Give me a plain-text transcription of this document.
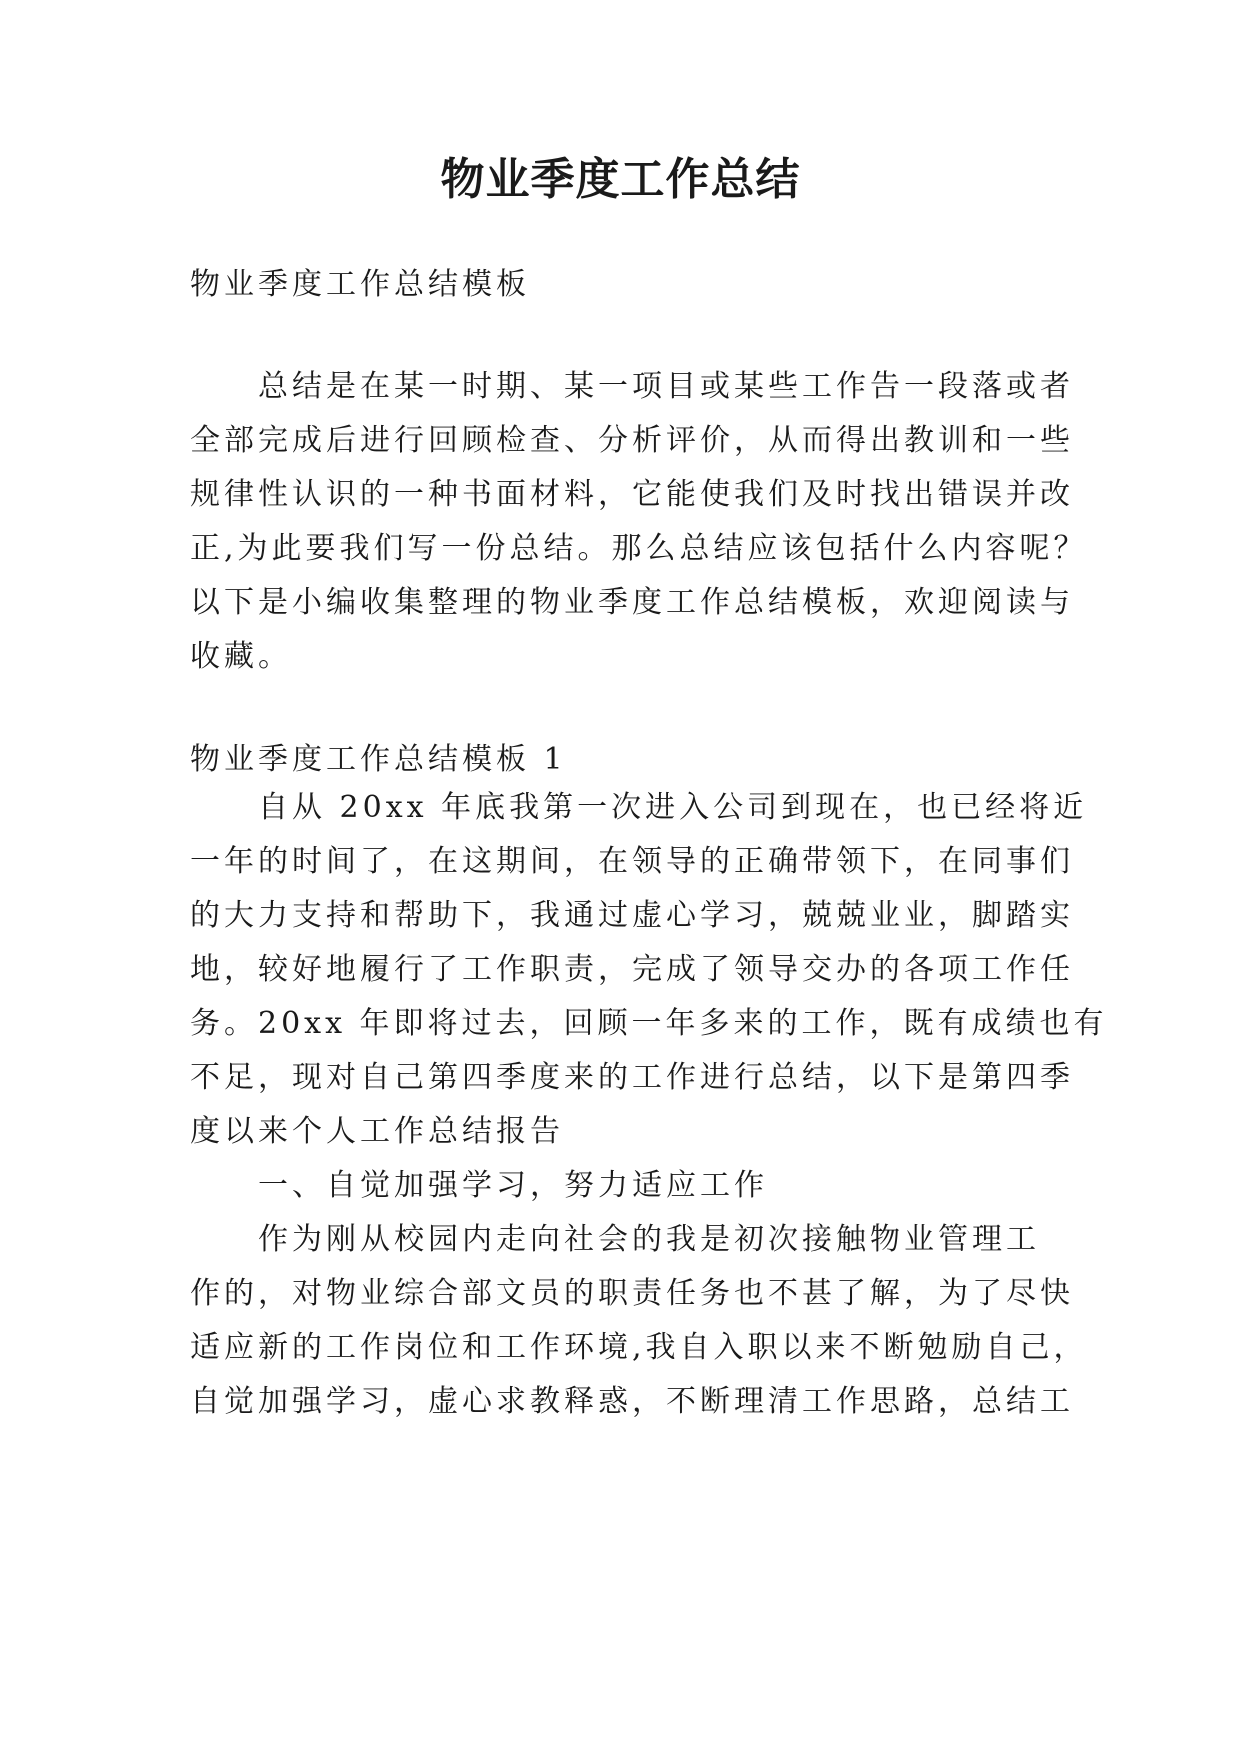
物业季度工作总结
物业季度工作总结模板
总结是在某一时期、某一项目或某些工作告一段落或者
全部完成后进行回顾检查、分析评价，从而得出教训和一些
规律性认识的一种书面材料，它能使我们及时找出错误并改
正,为此要我们写一份总结。那么总结应该包括什么内容呢？
以下是小编收集整理的物业季度工作总结模板，欢迎阅读与
收藏。
物业季度工作总结模板 1
自从 20xx 年底我第一次进入公司到现在，也已经将近
一年的时间了，在这期间，在领导的正确带领下，在同事们
的大力支持和帮助下，我通过虚心学习，兢兢业业，脚踏实
地，较好地履行了工作职责，完成了领导交办的各项工作任
务。20xx 年即将过去，回顾一年多来的工作，既有成绩也有
不足，现对自己第四季度来的工作进行总结，以下是第四季
度以来个人工作总结报告
一、自觉加强学习，努力适应工作
作为刚从校园内走向社会的我是初次接触物业管理工
作的，对物业综合部文员的职责任务也不甚了解，为了尽快
适应新的工作岗位和工作环境,我自入职以来不断勉励自己，
自觉加强学习，虚心求教释惑，不断理清工作思路，总结工
